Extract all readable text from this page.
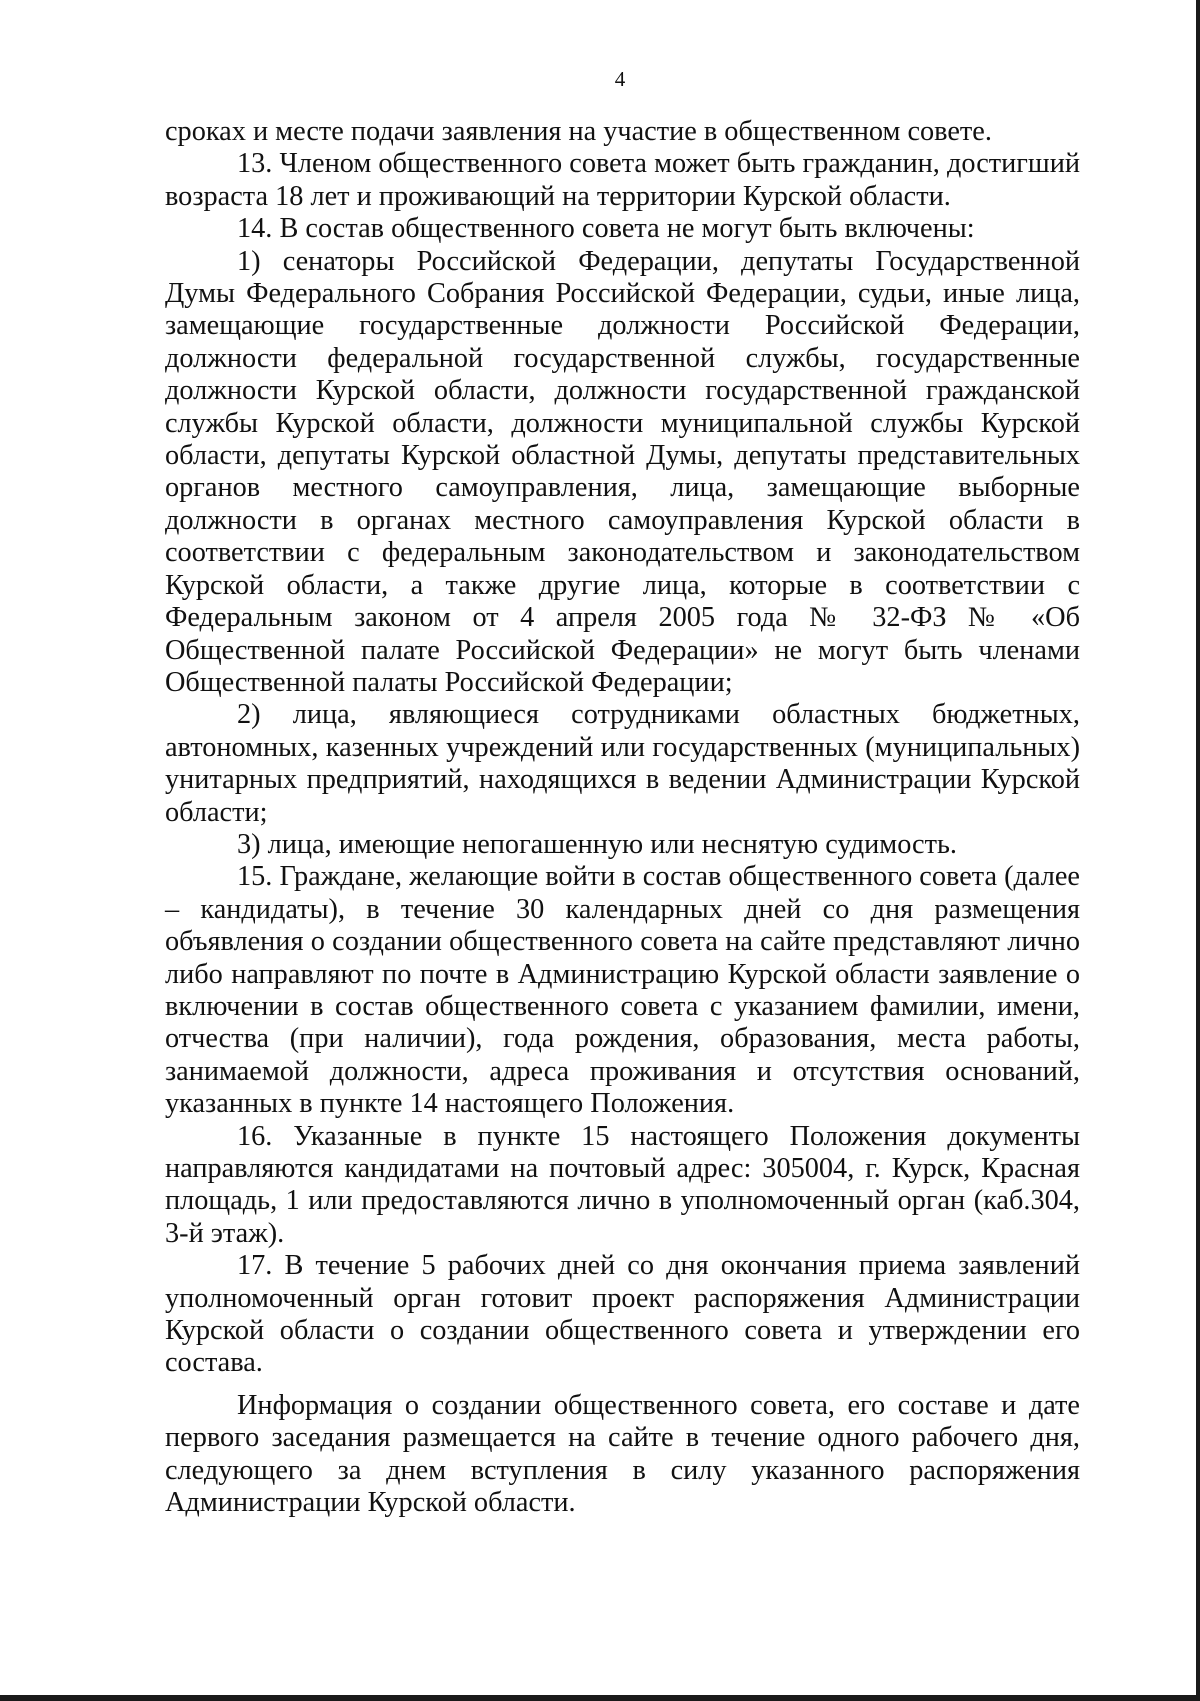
4

сроках и месте подачи заявления на участие в общественном совете.

13. Членом общественного совета может быть гражданин, достигший возраста 18 лет и проживающий на территории Курской области.

14. В состав общественного совета не могут быть включены:

1) сенаторы Российской Федерации, депутаты Государственной Думы Федерального Собрания Российской Федерации, судьи, иные лица, замещающие государственные должности Российской Федерации, должности федеральной государственной службы, государственные должности Курской области, должности государственной гражданской службы Курской области, должности муниципальной службы Курской области, депутаты Курской областной Думы, депутаты представительных органов местного самоуправления, лица, замещающие выборные должности в органах местного самоуправления Курской области в соответствии с федеральным законодательством и законодательством Курской области, а также другие лица, которые в соответствии с Федеральным законом от 4 апреля 2005 года № 32-ФЗ № «Об Общественной палате Российской Федерации» не могут быть членами Общественной палаты Российской Федерации;

2) лица, являющиеся сотрудниками областных бюджетных, автономных, казенных учреждений или государственных (муниципальных) унитарных предприятий, находящихся в ведении Администрации Курской области;

3) лица, имеющие непогашенную или неснятую судимость.

15. Граждане, желающие войти в состав общественного совета (далее – кандидаты), в течение 30 календарных дней со дня размещения объявления о создании общественного совета на сайте представляют лично либо направляют по почте в Администрацию Курской области заявление о включении в состав общественного совета с указанием фамилии, имени, отчества (при наличии), года рождения, образования, места работы, занимаемой должности, адреса проживания и отсутствия оснований, указанных в пункте 14 настоящего Положения.

16. Указанные в пункте 15 настоящего Положения документы направляются кандидатами на почтовый адрес: 305004, г. Курск, Красная площадь, 1 или предоставляются лично в уполномоченный орган (каб.304, 3-й этаж).

17. В течение 5 рабочих дней со дня окончания приема заявлений уполномоченный орган готовит проект распоряжения Администрации Курской области о создании общественного совета и утверждении его состава.

Информация о создании общественного совета, его составе и дате первого заседания размещается на сайте в течение одного рабочего дня, следующего за днем вступления в силу указанного распоряжения Администрации Курской области.
